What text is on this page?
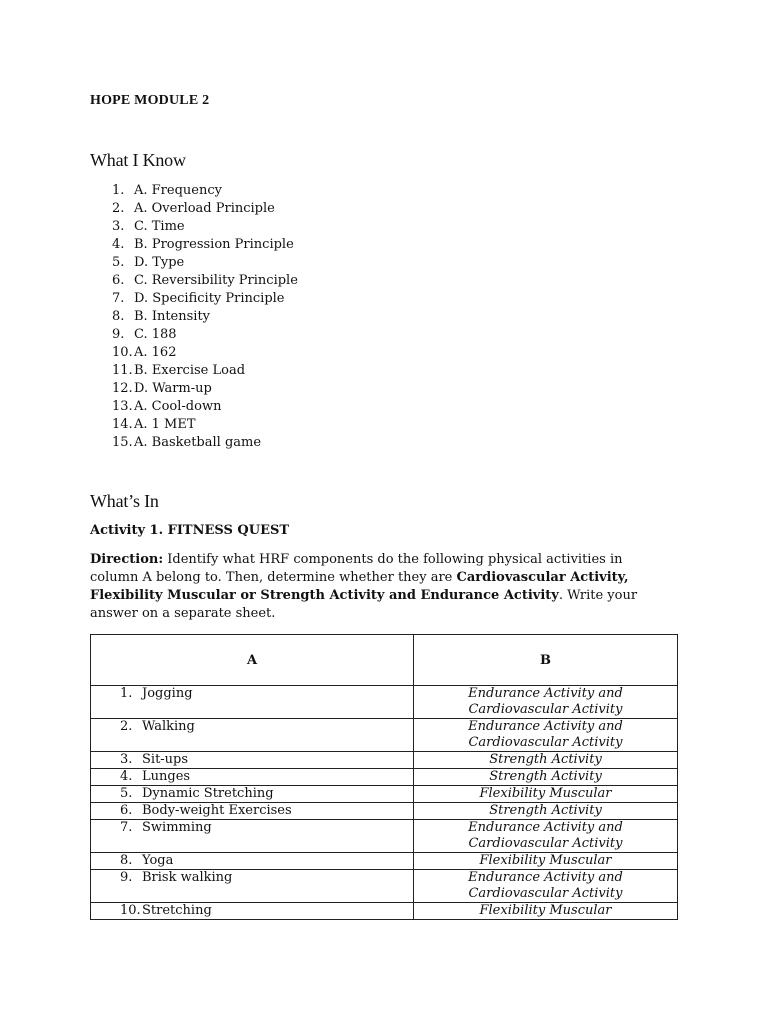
HOPE MODULE 2
What I Know
1. A. Frequency
2. A. Overload Principle
3. C. Time
4. B. Progression Principle
5. D. Type
6. C. Reversibility Principle
7. D. Specificity Principle
8. B. Intensity
9. C. 188
10.A. 162
11.B. Exercise Load
12.D. Warm-up
13.A. Cool-down
14.A. 1 MET
15.A. Basketball game
What’s In
Activity 1. FITNESS QUEST
Direction: Identify what HRF components do the following physical activities in column A belong to. Then, determine whether they are Cardiovascular Activity, Flexibility Muscular or Strength Activity and Endurance Activity. Write your answer on a separate sheet.
A	B
1. Jogging	Endurance Activity and
Cardiovascular Activity

2. Walking	Endurance Activity and
Cardiovascular Activity

3. Sit-ups	Strength Activity

4. Lunges	Strength Activity

5. Dynamic Stretching	Flexibility Muscular

6. Body-weight Exercises	Strength Activity

7. Swimming	Endurance Activity and
Cardiovascular Activity

8. Yoga	Flexibility Muscular

9. Brisk walking	Endurance Activity and
Cardiovascular Activity

10.Stretching	Flexibility Muscular
